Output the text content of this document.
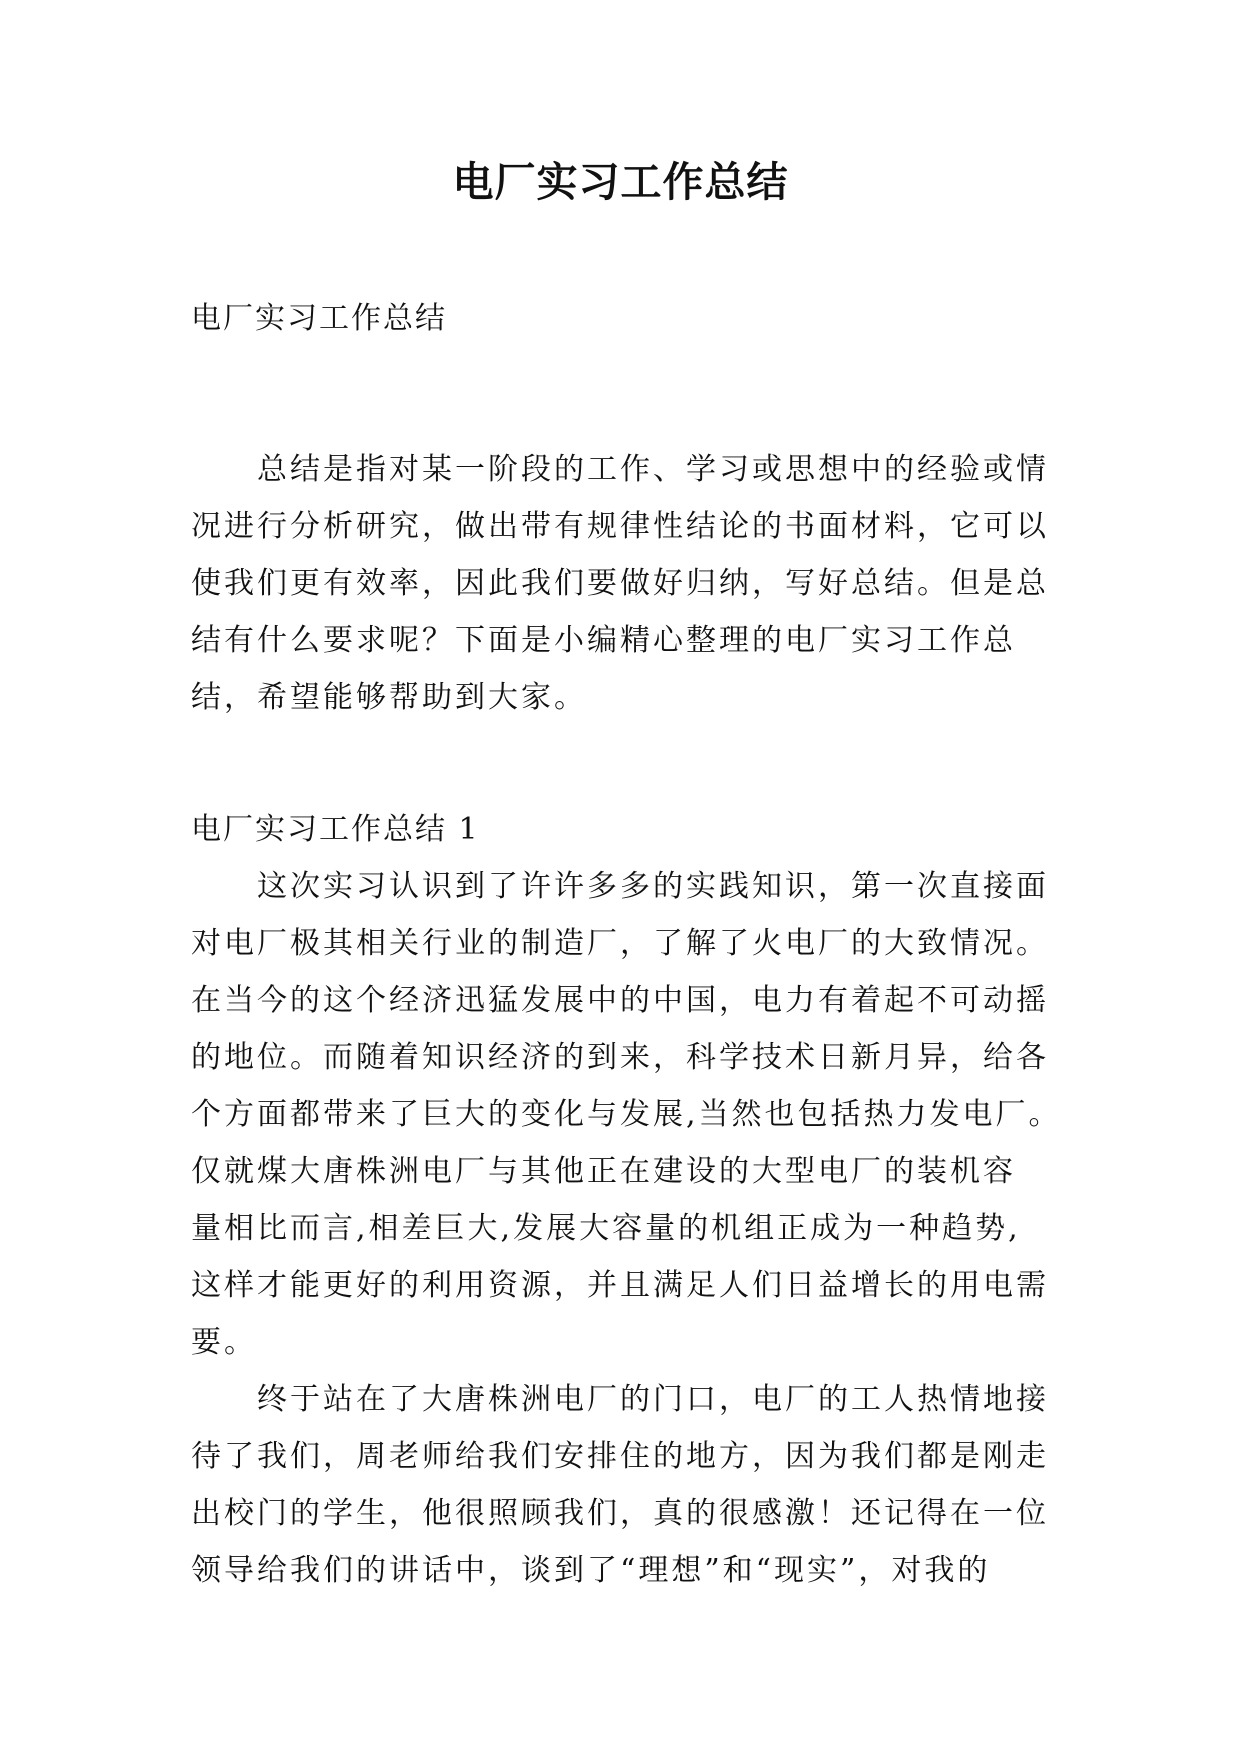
电厂实习工作总结
电厂实习工作总结
总结是指对某一阶段的工作、学习或思想中的经验或情
况进行分析研究，做出带有规律性结论的书面材料，它可以
使我们更有效率，因此我们要做好归纳，写好总结。但是总
结有什么要求呢？下面是小编精心整理的电厂实习工作总
结，希望能够帮助到大家。
电厂实习工作总结 1
这次实习认识到了许许多多的实践知识，第一次直接面
对电厂极其相关行业的制造厂，了解了火电厂的大致情况。
在当今的这个经济迅猛发展中的中国，电力有着起不可动摇
的地位。而随着知识经济的到来，科学技术日新月异，给各
个方面都带来了巨大的变化与发展,当然也包括热力发电厂。
仅就煤大唐株洲电厂与其他正在建设的大型电厂的装机容
量相比而言,相差巨大,发展大容量的机组正成为一种趋势,
这样才能更好的利用资源，并且满足人们日益增长的用电需
要。
终于站在了大唐株洲电厂的门口，电厂的工人热情地接
待了我们，周老师给我们安排住的地方，因为我们都是刚走
出校门的学生，他很照顾我们，真的很感激！还记得在一位
领导给我们的讲话中，谈到了“理想”和“现实”，对我的
